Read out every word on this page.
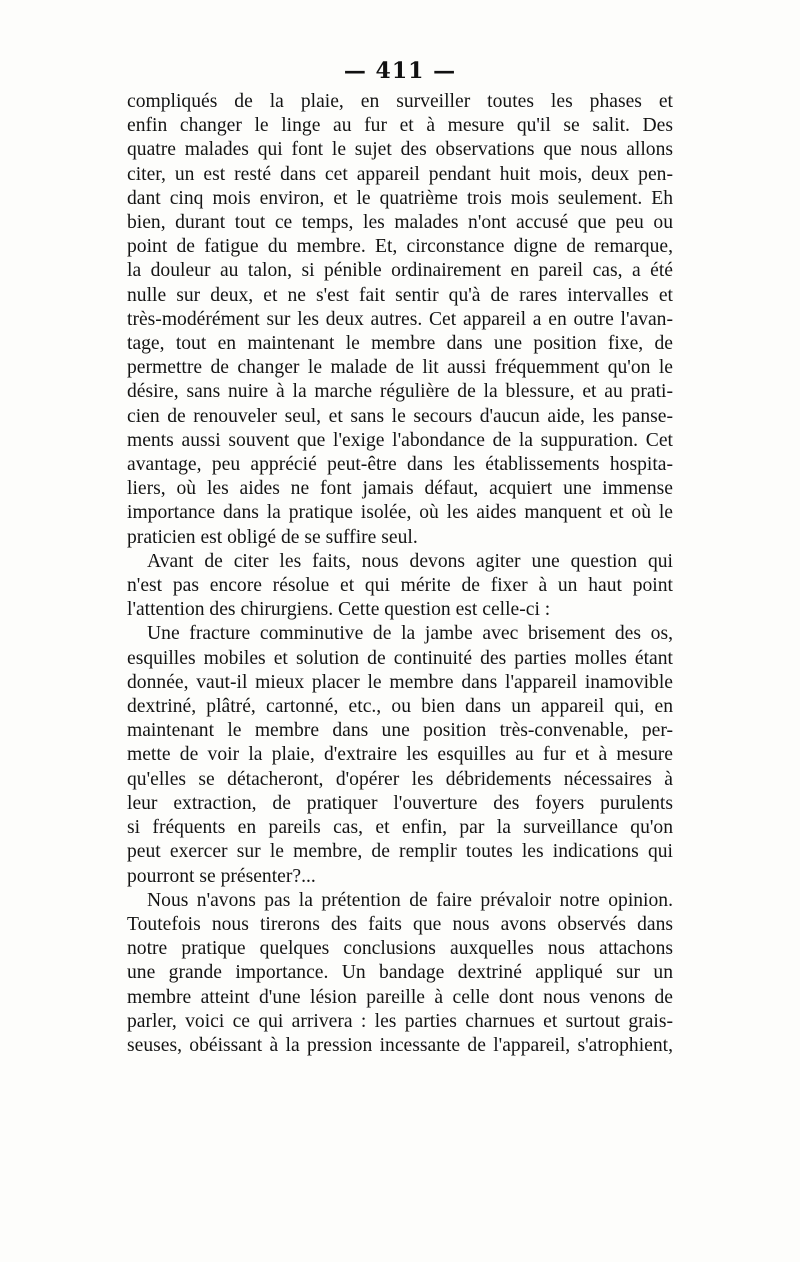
— 411 —

compliqués de la plaie, en surveiller toutes les phases et

enfin changer le linge au fur et à mesure qu'il se salit. Des

quatre malades qui font le sujet des observations que nous allons

citer, un est resté dans cet appareil pendant huit mois, deux pen-

dant cinq mois environ, et le quatrième trois mois seulement. Eh

bien, durant tout ce temps, les malades n'ont accusé que peu ou

point de fatigue du membre. Et, circonstance digne de remarque,

la douleur au talon, si pénible ordinairement en pareil cas, a été

nulle sur deux, et ne s'est fait sentir qu'à de rares intervalles et

très-modérément sur les deux autres. Cet appareil a en outre l'avan-

tage, tout en maintenant le membre dans une position fixe, de

permettre de changer le malade de lit aussi fréquemment qu'on le

désire, sans nuire à la marche régulière de la blessure, et au prati-

cien de renouveler seul, et sans le secours d'aucun aide, les panse-

ments aussi souvent que l'exige l'abondance de la suppuration. Cet

avantage, peu apprécié peut-être dans les établissements hospita-

liers, où les aides ne font jamais défaut, acquiert une immense

importance dans la pratique isolée, où les aides manquent et où le

praticien est obligé de se suffire seul.

Avant de citer les faits, nous devons agiter une question qui

n'est pas encore résolue et qui mérite de fixer à un haut point

l'attention des chirurgiens. Cette question est celle-ci :

Une fracture comminutive de la jambe avec brisement des os,

esquilles mobiles et solution de continuité des parties molles étant

donnée, vaut-il mieux placer le membre dans l'appareil inamovible

dextriné, plâtré, cartonné, etc., ou bien dans un appareil qui, en

maintenant le membre dans une position très-convenable, per-

mette de voir la plaie, d'extraire les esquilles au fur et à mesure

qu'elles se détacheront, d'opérer les débridements nécessaires à

leur extraction, de pratiquer l'ouverture des foyers purulents

si fréquents en pareils cas, et enfin, par la surveillance qu'on

peut exercer sur le membre, de remplir toutes les indications qui

pourront se présenter?...

Nous n'avons pas la prétention de faire prévaloir notre opinion.

Toutefois nous tirerons des faits que nous avons observés dans

notre pratique quelques conclusions auxquelles nous attachons

une grande importance. Un bandage dextriné appliqué sur un

membre atteint d'une lésion pareille à celle dont nous venons de

parler, voici ce qui arrivera : les parties charnues et surtout grais-

seuses, obéissant à la pression incessante de l'appareil, s'atrophient,
